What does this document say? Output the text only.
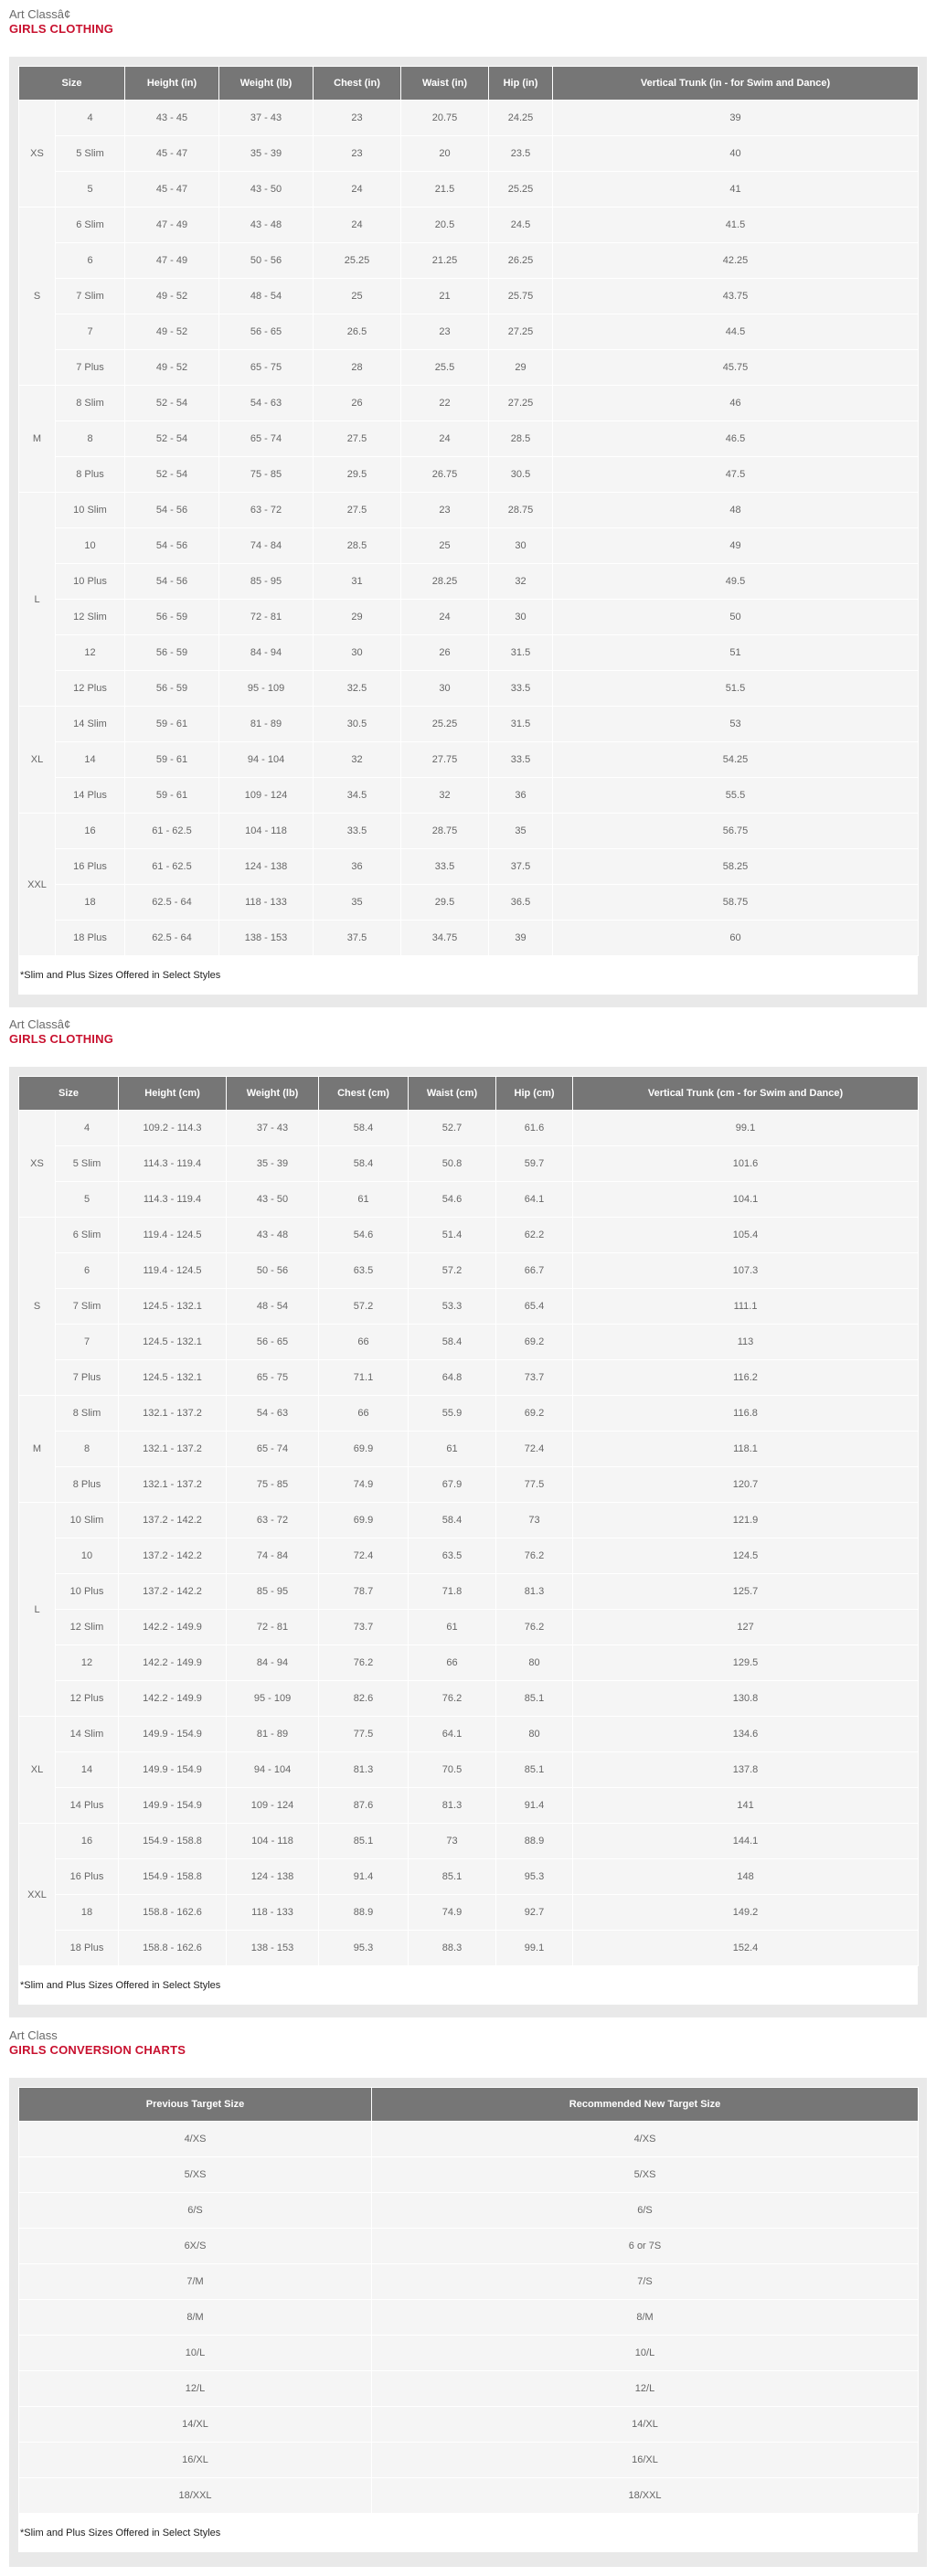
Art Classâ¢
GIRLS CLOTHING
Size		Height (in)	Weight (lb)	Chest (in)	Waist (in)	Hip (in)	Vertical Trunk (in - for Swim and Dance)
XS	4	43 - 45	37 - 43	23	20.75	24.25	39
	5 Slim	45 - 47	35 - 39	23	20	23.5	40
	5	45 - 47	43 - 50	24	21.5	25.25	41
S	6 Slim	47 - 49	43 - 48	24	20.5	24.5	41.5
	6	47 - 49	50 - 56	25.25	21.25	26.25	42.25
	7 Slim	49 - 52	48 - 54	25	21	25.75	43.75
	7	49 - 52	56 - 65	26.5	23	27.25	44.5
	7 Plus	49 - 52	65 - 75	28	25.5	29	45.75
M	8 Slim	52 - 54	54 - 63	26	22	27.25	46
	8	52 - 54	65 - 74	27.5	24	28.5	46.5
	8 Plus	52 - 54	75 - 85	29.5	26.75	30.5	47.5
L	10 Slim	54 - 56	63 - 72	27.5	23	28.75	48
	10	54 - 56	74 - 84	28.5	25	30	49
	10 Plus	54 - 56	85 - 95	31	28.25	32	49.5
	12 Slim	56 - 59	72 - 81	29	24	30	50
	12	56 - 59	84 - 94	30	26	31.5	51
	12 Plus	56 - 59	95 - 109	32.5	30	33.5	51.5
XL	14 Slim	59 - 61	81 - 89	30.5	25.25	31.5	53
	14	59 - 61	94 - 104	32	27.75	33.5	54.25
	14 Plus	59 - 61	109 - 124	34.5	32	36	55.5
XXL	16	61 - 62.5	104 - 118	33.5	28.75	35	56.75
	16 Plus	61 - 62.5	124 - 138	36	33.5	37.5	58.25
	18	62.5 - 64	118 - 133	35	29.5	36.5	58.75
	18 Plus	62.5 - 64	138 - 153	37.5	34.75	39	60
*Slim and Plus Sizes Offered in Select Styles
Art Classâ¢
GIRLS CLOTHING
Size		Height (cm)	Weight (lb)	Chest (cm)	Waist (cm)	Hip (cm)	Vertical Trunk (cm - for Swim and Dance)
XS	4	109.2 - 114.3	37 - 43	58.4	52.7	61.6	99.1
	5 Slim	114.3 - 119.4	35 - 39	58.4	50.8	59.7	101.6
	5	114.3 - 119.4	43 - 50	61	54.6	64.1	104.1
S	6 Slim	119.4 - 124.5	43 - 48	54.6	51.4	62.2	105.4
	6	119.4 - 124.5	50 - 56	63.5	57.2	66.7	107.3
	7 Slim	124.5 - 132.1	48 - 54	57.2	53.3	65.4	111.1
	7	124.5 - 132.1	56 - 65	66	58.4	69.2	113
	7 Plus	124.5 - 132.1	65 - 75	71.1	64.8	73.7	116.2
M	8 Slim	132.1 - 137.2	54 - 63	66	55.9	69.2	116.8
	8	132.1 - 137.2	65 - 74	69.9	61	72.4	118.1
	8 Plus	132.1 - 137.2	75 - 85	74.9	67.9	77.5	120.7
L	10 Slim	137.2 - 142.2	63 - 72	69.9	58.4	73	121.9
	10	137.2 - 142.2	74 - 84	72.4	63.5	76.2	124.5
	10 Plus	137.2 - 142.2	85 - 95	78.7	71.8	81.3	125.7
	12 Slim	142.2 - 149.9	72 - 81	73.7	61	76.2	127
	12	142.2 - 149.9	84 - 94	76.2	66	80	129.5
	12 Plus	142.2 - 149.9	95 - 109	82.6	76.2	85.1	130.8
XL	14 Slim	149.9 - 154.9	81 - 89	77.5	64.1	80	134.6
	14	149.9 - 154.9	94 - 104	81.3	70.5	85.1	137.8
	14 Plus	149.9 - 154.9	109 - 124	87.6	81.3	91.4	141
XXL	16	154.9 - 158.8	104 - 118	85.1	73	88.9	144.1
	16 Plus	154.9 - 158.8	124 - 138	91.4	85.1	95.3	148
	18	158.8 - 162.6	118 - 133	88.9	74.9	92.7	149.2
	18 Plus	158.8 - 162.6	138 - 153	95.3	88.3	99.1	152.4
*Slim and Plus Sizes Offered in Select Styles
Art Class
GIRLS CONVERSION CHARTS
Previous Target Size	Recommended New Target Size
4/XS	4/XS
5/XS	5/XS
6/S	6/S
6X/S	6 or 7S
7/M	7/S
8/M	8/M
10/L	10/L
12/L	12/L
14/XL	14/XL
16/XL	16/XL
18/XXL	18/XXL
*Slim and Plus Sizes Offered in Select Styles
